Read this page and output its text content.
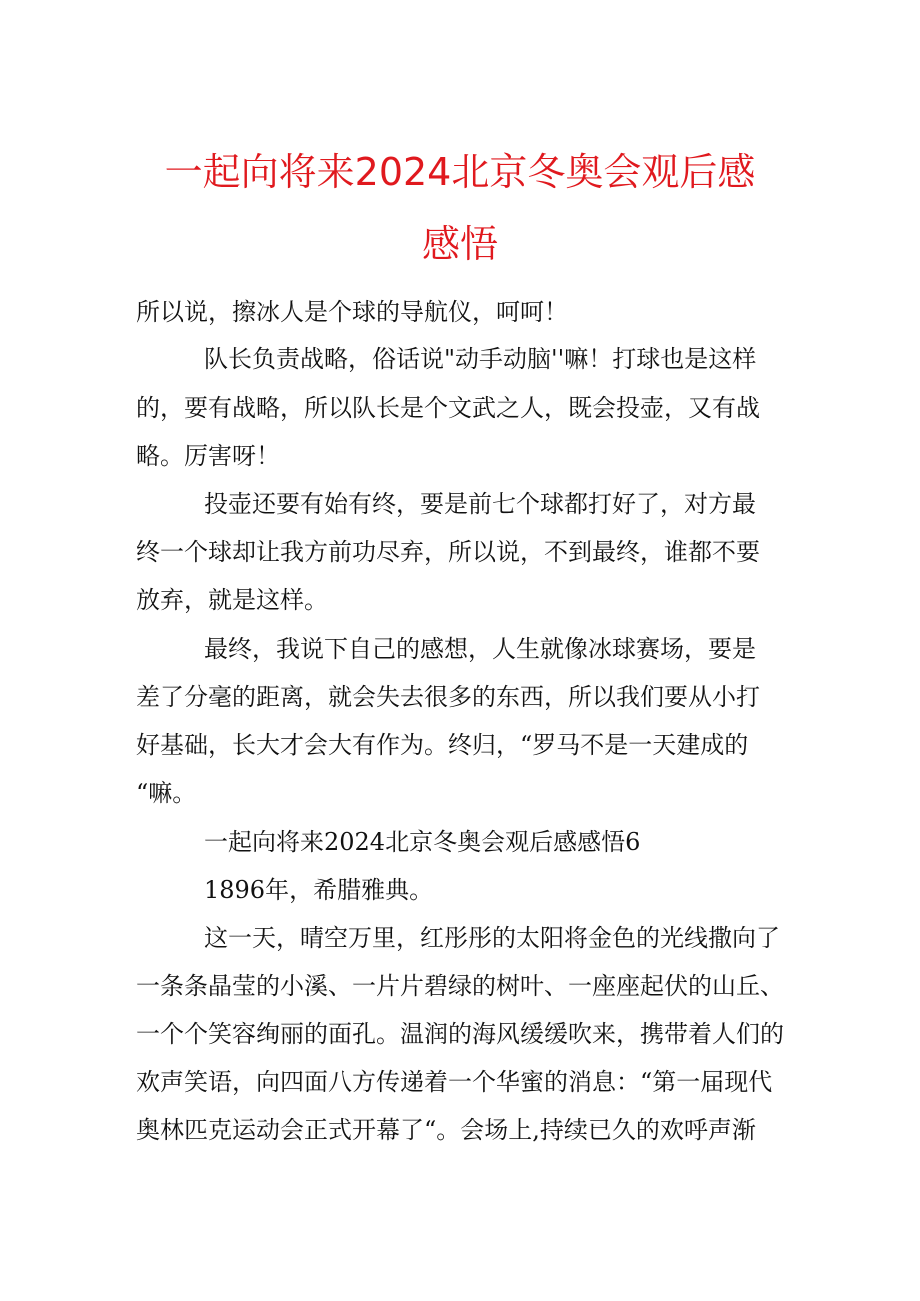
一起向将来2024北京冬奥会观后感
感悟
所以说，擦冰人是个球的导航仪，呵呵！
队长负责战略，俗话说"动手动脑''嘛！打球也是这样
的，要有战略，所以队长是个文武之人，既会投壶，又有战
略。厉害呀！
投壶还要有始有终，要是前七个球都打好了，对方最
终一个球却让我方前功尽弃，所以说，不到最终，谁都不要
放弃，就是这样。
最终，我说下自己的感想，人生就像冰球赛场，要是
差了分毫的距离，就会失去很多的东西，所以我们要从小打
好基础，长大才会大有作为。终归，“罗马不是一天建成的
“嘛。
一起向将来2024北京冬奥会观后感感悟6
1896年，希腊雅典。
这一天，晴空万里，红彤彤的太阳将金色的光线撒向了
一条条晶莹的小溪、一片片碧绿的树叶、一座座起伏的山丘、
一个个笑容绚丽的面孔。温润的海风缓缓吹来，携带着人们的
欢声笑语，向四面八方传递着一个华蜜的消息：“第一届现代
奥林匹克运动会正式开幕了“。会场上,持续已久的欢呼声渐
